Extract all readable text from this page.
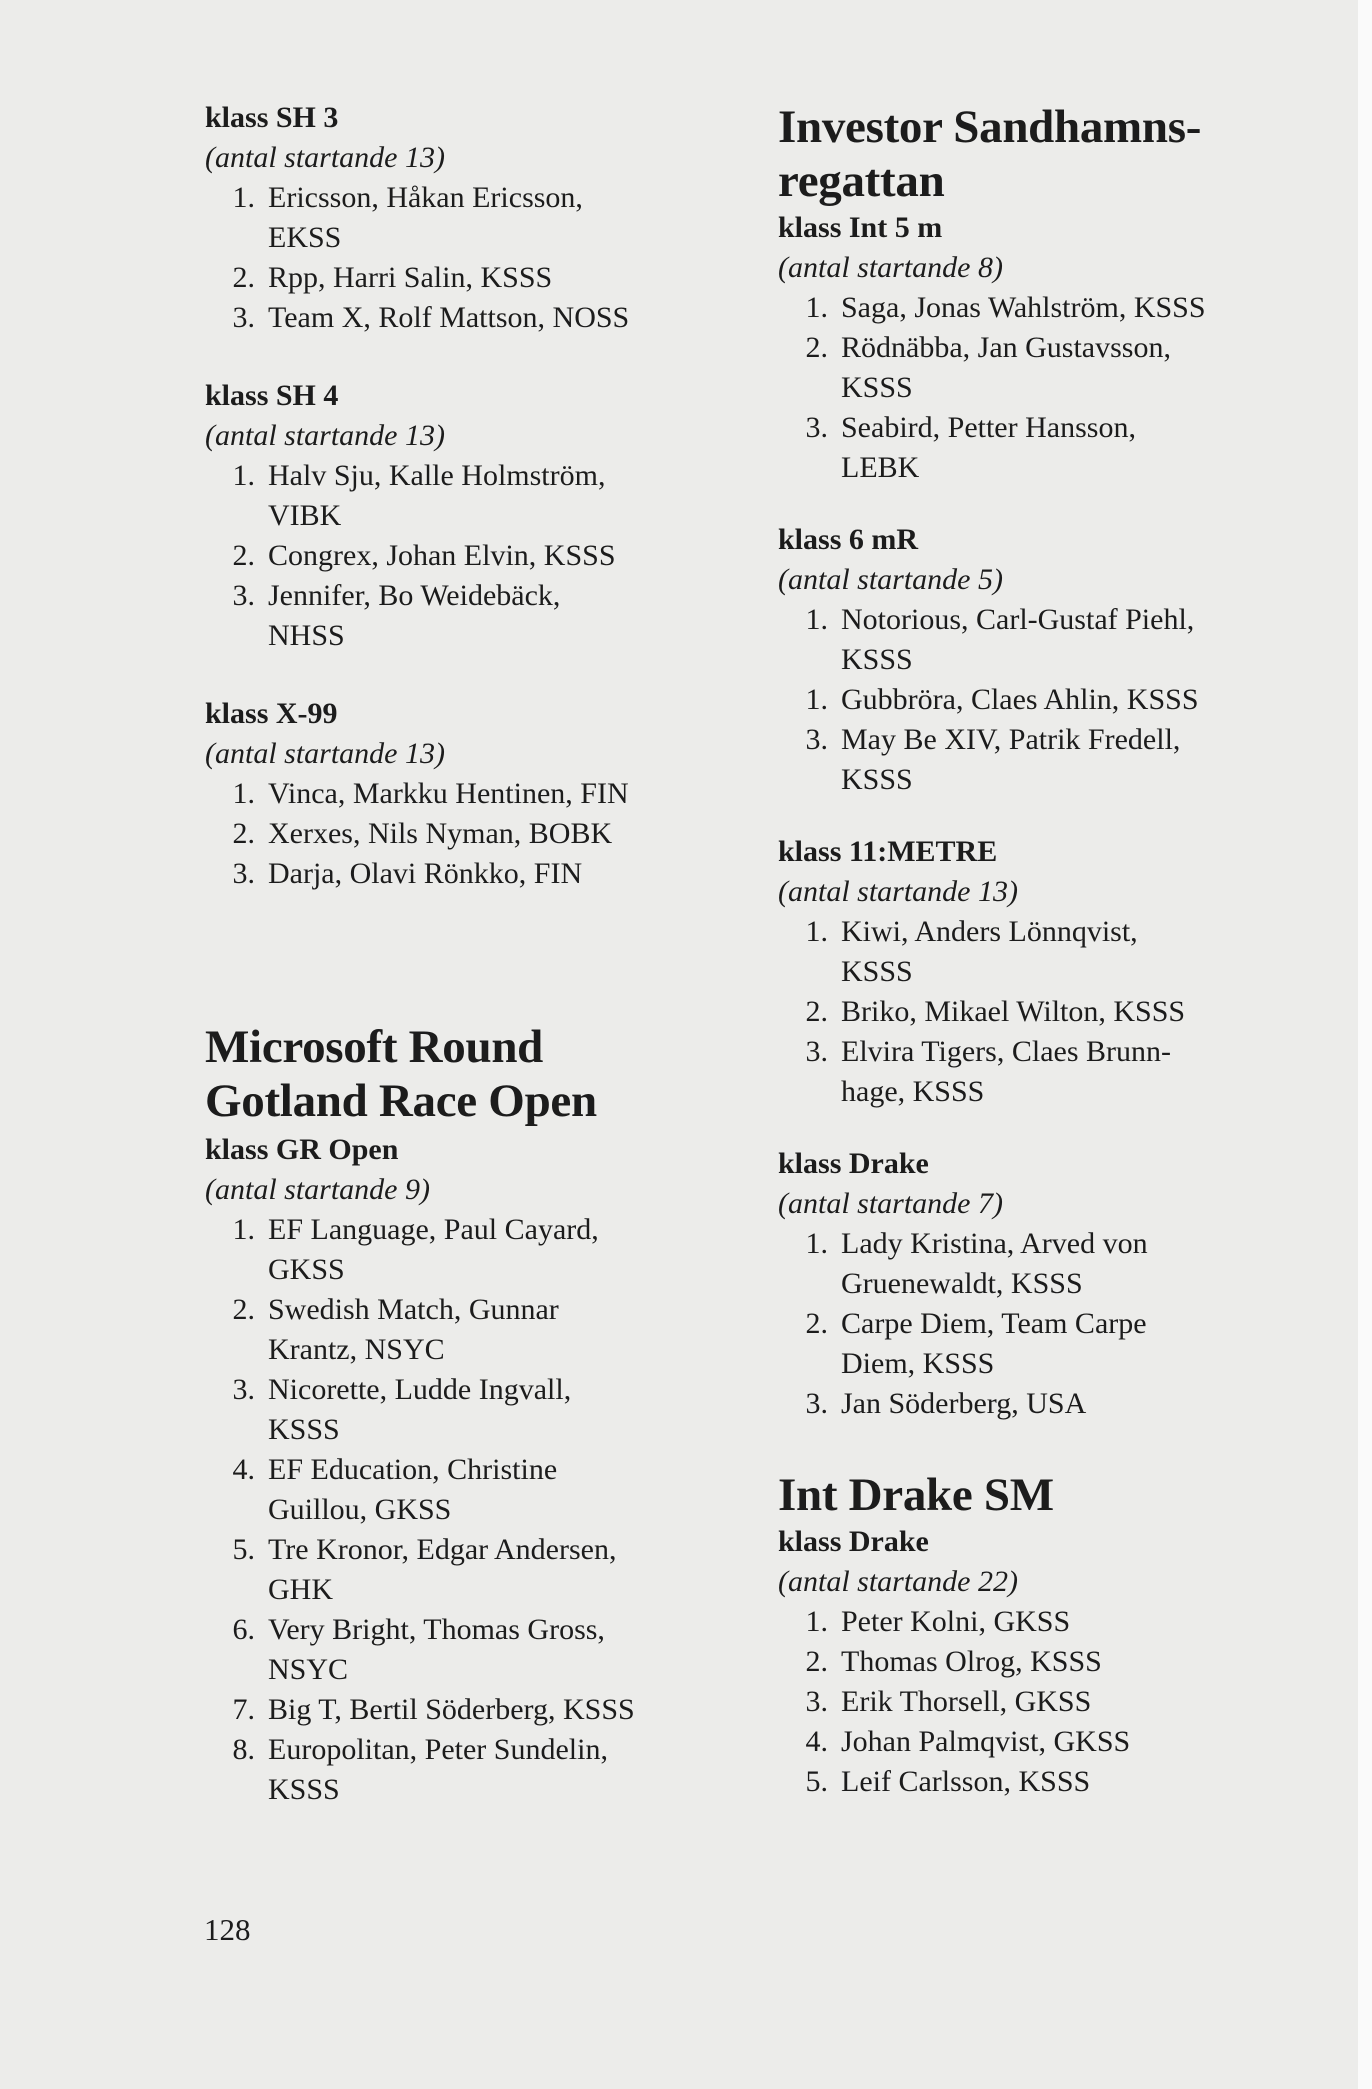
klass SH 3

(antal startande 13)

1. Ericsson, Håkan Ericsson,
EKSS
2. Rpp, Harri Salin, KSSS
3. Team X, Rolf Mattson, NOSS

klass SH 4

(antal startande 13)

1. Halv Sju, Kalle Holmström,
VIBK
2. Congrex, Johan Elvin, KSSS
3. Jennifer, Bo Weidebäck,
NHSS

klass X-99

(antal startande 13)

1. Vinca, Markku Hentinen, FIN
2. Xerxes, Nils Nyman, BOBK
3. Darja, Olavi Rönkko, FIN
Microsoft Round
Gotland Race Open

klass GR Open

(antal startande 9)

1. EF Language, Paul Cayard,
GKSS
2. Swedish Match, Gunnar
Krantz, NSYC
3. Nicorette, Ludde Ingvall,
KSSS
4. EF Education, Christine
Guillou, GKSS
5. Tre Kronor, Edgar Andersen,
GHK
6. Very Bright, Thomas Gross,
NSYC
7. Big T, Bertil Söderberg, KSSS
8. Europolitan, Peter Sundelin,
KSSS
Investor Sandhamns-
regattan

klass Int 5 m

(antal startande 8)

1. Saga, Jonas Wahlström, KSSS
2. Rödnäbba, Jan Gustavsson,
KSSS
3. Seabird, Petter Hansson,
LEBK

klass 6 mR

(antal startande 5)

1. Notorious, Carl-Gustaf Piehl,
KSSS
1. Gubbröra, Claes Ahlin, KSSS
3. May Be XIV, Patrik Fredell,
KSSS

klass 11:METRE

(antal startande 13)

1. Kiwi, Anders Lönnqvist,
KSSS
2. Briko, Mikael Wilton, KSSS
3. Elvira Tigers, Claes Brunn-
hage, KSSS

klass Drake

(antal startande 7)

1. Lady Kristina, Arved von
Gruenewaldt, KSSS
2. Carpe Diem, Team Carpe
Diem, KSSS
3. Jan Söderberg, USA
Int Drake SM

klass Drake

(antal startande 22)

1. Peter Kolni, GKSS
2. Thomas Olrog, KSSS
3. Erik Thorsell, GKSS
4. Johan Palmqvist, GKSS
5. Leif Carlsson, KSSS
128
